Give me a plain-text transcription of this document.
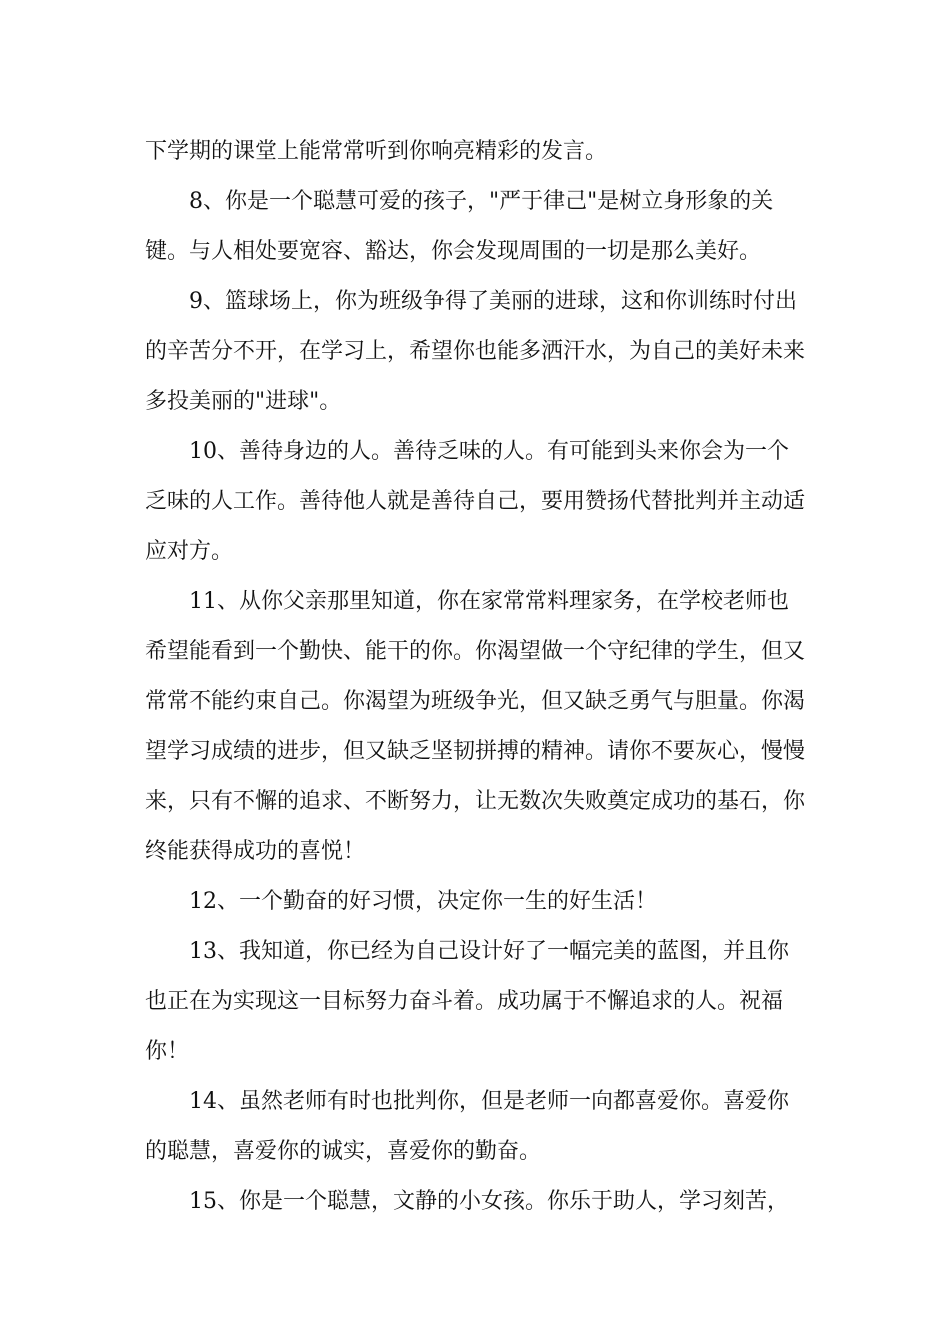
下学期的课堂上能常常听到你响亮精彩的发言。

8、你是一个聪慧可爱的孩子，"严于律己"是树立身形象的关键。与人相处要宽容、豁达，你会发现周围的一切是那么美好。

9、篮球场上，你为班级争得了美丽的进球，这和你训练时付出的辛苦分不开，在学习上，希望你也能多洒汗水，为自己的美好未来多投美丽的"进球"。

10、善待身边的人。善待乏味的人。有可能到头来你会为一个乏味的人工作。善待他人就是善待自己，要用赞扬代替批判并主动适应对方。

11、从你父亲那里知道，你在家常常料理家务，在学校老师也希望能看到一个勤快、能干的你。你渴望做一个守纪律的学生，但又常常不能约束自己。你渴望为班级争光，但又缺乏勇气与胆量。你渴望学习成绩的进步，但又缺乏坚韧拼搏的精神。请你不要灰心，慢慢来，只有不懈的追求、不断努力，让无数次失败奠定成功的基石，你终能获得成功的喜悦！

12、一个勤奋的好习惯，决定你一生的好生活！

13、我知道，你已经为自己设计好了一幅完美的蓝图，并且你也正在为实现这一目标努力奋斗着。成功属于不懈追求的人。祝福你！

14、虽然老师有时也批判你，但是老师一向都喜爱你。喜爱你的聪慧，喜爱你的诚实，喜爱你的勤奋。

15、你是一个聪慧，文静的小女孩。你乐于助人，学习刻苦，
